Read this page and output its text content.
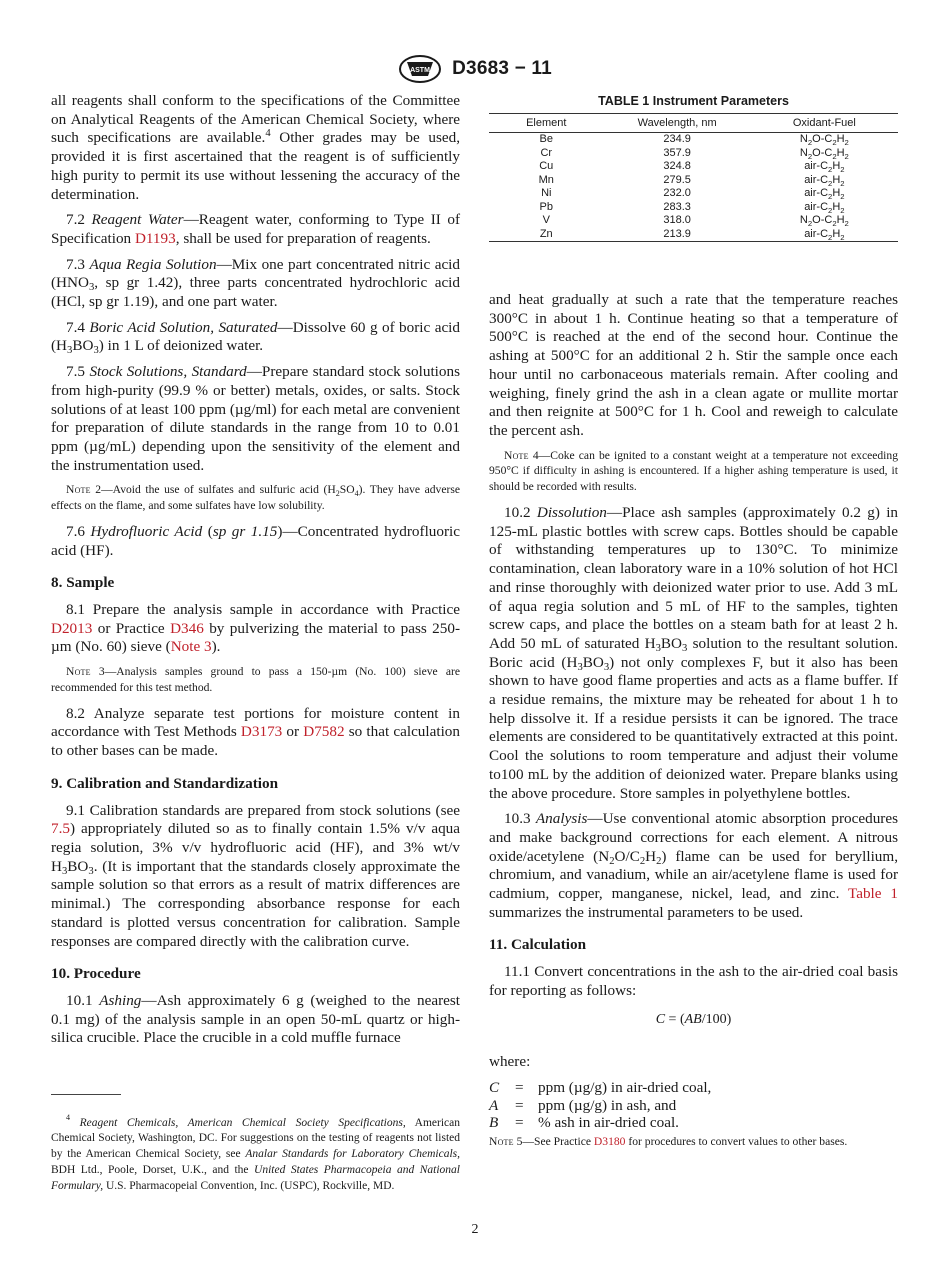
ASTM D3683 − 11

all reagents shall conform to the specifications of the Committee on Analytical Reagents of the American Chemical Society, where such specifications are available.$^4$ Other grades may be used, provided it is first ascertained that the reagent is of sufficiently high purity to permit its use without lessening the accuracy of the determination.

7.2 Reagent Water—Reagent water, conforming to Type II of Specification D1193, shall be used for preparation of reagents.

7.3 Aqua Regia Solution—Mix one part concentrated nitric acid ($HNO_3$, sp gr 1.42), three parts concentrated hydrochloric acid (HCl, sp gr 1.19), and one part water.

7.4 Boric Acid Solution, Saturated—Dissolve 60 g of boric acid $(H_3BO_3)$ in 1 L of deionized water.

7.5 Stock Solutions, Standard—Prepare standard stock solutions from high-purity (99.9 % or better) metals, oxides, or salts. Stock solutions of at least 100 ppm (µg/ml) for each metal are convenient for preparation of dilute standards in the range from 10 to 0.01 ppm (µg/mL) depending upon the sensitivity of the element and the instrumentation used.

Note 2—Avoid the use of sulfates and sulfuric acid $(H_2SO_4)$. They have adverse effects on the flame, and some sulfates have low solubility.

7.6 Hydrofluoric Acid (sp gr 1.15)—Concentrated hydrofluoric acid (HF).

8. Sample

8.1 Prepare the analysis sample in accordance with Practice D2013 or Practice D346 by pulverizing the material to pass 250-µm (No. 60) sieve (Note 3).

Note 3—Analysis samples ground to pass a 150-µm (No. 100) sieve are recommended for this test method.

8.2 Analyze separate test portions for moisture content in accordance with Test Methods D3173 or D7582 so that calculation to other bases can be made.

9. Calibration and Standardization

9.1 Calibration standards are prepared from stock solutions (see 7.5) appropriately diluted so as to finally contain 1.5% v/v aqua regia solution, 3% v/v hydrofluoric acid (HF), and 3% wt/v $H_3BO_3$. (It is important that the standards closely approximate the sample solution so that errors as a result of matrix differences are minimal.) The corresponding absorbance response for each standard is plotted versus concentration for calibration. Sample responses are compared directly with the calibration curve.

10. Procedure

10.1 Ashing—Ash approximately 6 g (weighed to the nearest 0.1 mg) of the analysis sample in an open 50-mL quartz or high-silica crucible. Place the crucible in a cold muffle furnace

$^4$ Reagent Chemicals, American Chemical Society Specifications, American Chemical Society, Washington, DC. For suggestions on the testing of reagents not listed by the American Chemical Society, see Analar Standards for Laboratory Chemicals, BDH Ltd., Poole, Dorset, U.K., and the United States Pharmacopeia and National Formulary, U.S. Pharmacopeial Convention, Inc. (USPC), Rockville, MD.

TABLE 1 Instrument Parameters
Element	Wavelength, nm	Oxidant-Fuel
Be	234.9	$N_2O-C_2H_2$
Cr	357.9	$N_2O-C_2H_2$
Cu	324.8	air-$C_2H_2$
Mn	279.5	air-$C_2H_2$
Ni	232.0	air-$C_2H_2$
Pb	283.3	air-$C_2H_2$
V	318.0	$N_2O-C_2H_2$
Zn	213.9	air-$C_2H_2$

and heat gradually at such a rate that the temperature reaches 300°C in about 1 h. Continue heating so that a temperature of 500°C is reached at the end of the second hour. Continue the ashing at 500°C for an additional 2 h. Stir the sample once each hour until no carbonaceous materials remain. After cooling and weighing, finely grind the ash in a clean agate or mullite mortar and then reignite at 500°C for 1 h. Cool and reweigh to calculate the percent ash.

Note 4—Coke can be ignited to a constant weight at a temperature not exceeding 950°C if difficulty in ashing is encountered. If a higher ashing temperature is used, it should be recorded with results.

10.2 Dissolution—Place ash samples (approximately 0.2 g) in 125-mL plastic bottles with screw caps. Bottles should be capable of withstanding temperatures up to 130°C. To minimize contamination, clean laboratory ware in a 10% solution of hot HCl and rinse thoroughly with deionized water prior to use. Add 3 mL of aqua regia solution and 5 mL of HF to the samples, tighten screw caps, and place the bottles on a steam bath for at least 2 h. Add 50 mL of saturated $H_3BO_3$ solution to the resultant solution. Boric acid $(H_3BO_3)$ not only complexes F, but it also has been shown to have good flame properties and acts as a flame buffer. If a residue remains, the mixture may be reheated for about 1 h to help dissolve it. If a residue persists it can be ignored. The trace elements are considered to be quantitatively extracted at this point. Cool the solutions to room temperature and adjust their volume to100 mL by the addition of deionized water. Prepare blanks using the above procedure. Store samples in polyethylene bottles.

10.3 Analysis—Use conventional atomic absorption procedures and make background corrections for each element. A nitrous oxide/acetylene $(N_2O/C_2H_2)$ flame can be used for beryllium, chromium, and vanadium, while an air/acetylene flame is used for cadmium, copper, manganese, nickel, lead, and zinc. Table 1 summarizes the instrumental parameters to be used.

11. Calculation

11.1 Convert concentrations in the ash to the air-dried coal basis for reporting as follows:

C = (AB/100)

where:

C	= ppm (µg/g) in air-dried coal,
A	= ppm (µg/g) in ash, and
B	= % ash in air-dried coal.

Note 5—See Practice D3180 for procedures to convert values to other bases.

2
